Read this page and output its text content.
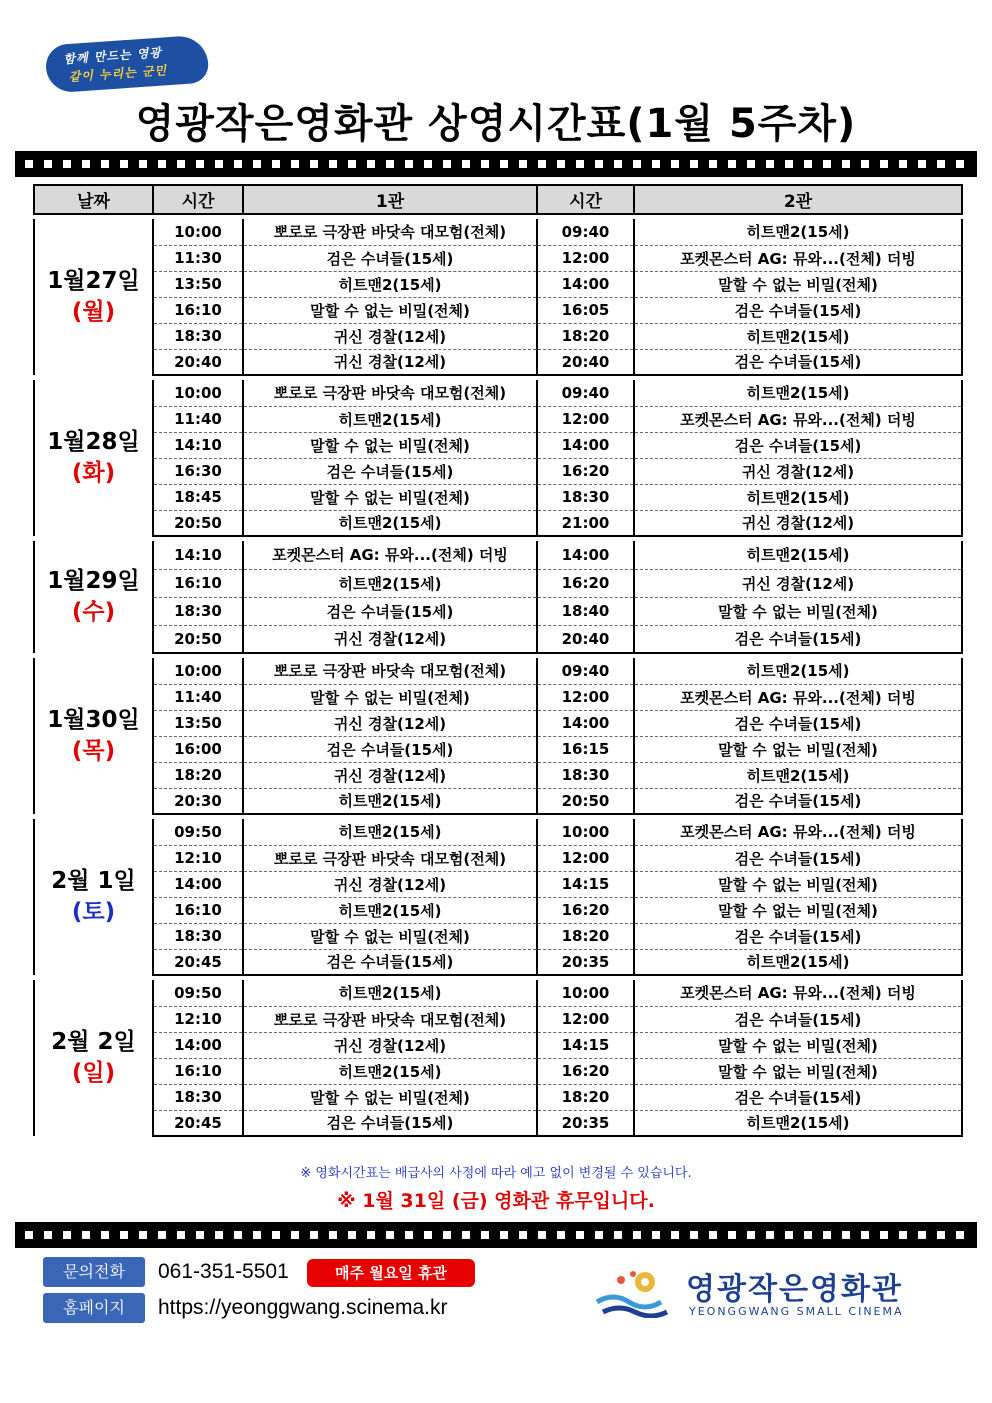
함께 만드는 영광
같이 누리는 군민
영광작은영화관 상영시간표(1월 5주차)
날짜	시간	1관	시간	2관
1월27일
(월)	10:00	뽀로로 극장판 바닷속 대모험(전체)	09:40	히트맨2(15세)
	11:30	검은 수녀들(15세)	12:00	포켓몬스터 AG: 뮤와...(전체) 더빙
	13:50	히트맨2(15세)	14:00	말할 수 없는 비밀(전체)
	16:10	말할 수 없는 비밀(전체)	16:05	검은 수녀들(15세)
	18:30	귀신 경찰(12세)	18:20	히트맨2(15세)
	20:40	귀신 경찰(12세)	20:40	검은 수녀들(15세)
1월28일
(화)	10:00	뽀로로 극장판 바닷속 대모험(전체)	09:40	히트맨2(15세)
	11:40	히트맨2(15세)	12:00	포켓몬스터 AG: 뮤와...(전체) 더빙
	14:10	말할 수 없는 비밀(전체)	14:00	검은 수녀들(15세)
	16:30	검은 수녀들(15세)	16:20	귀신 경찰(12세)
	18:45	말할 수 없는 비밀(전체)	18:30	히트맨2(15세)
	20:50	히트맨2(15세)	21:00	귀신 경찰(12세)
1월29일
(수)	14:10	포켓몬스터 AG: 뮤와...(전체) 더빙	14:00	히트맨2(15세)
	16:10	히트맨2(15세)	16:20	귀신 경찰(12세)
	18:30	검은 수녀들(15세)	18:40	말할 수 없는 비밀(전체)
	20:50	귀신 경찰(12세)	20:40	검은 수녀들(15세)
1월30일
(목)	10:00	뽀로로 극장판 바닷속 대모험(전체)	09:40	히트맨2(15세)
	11:40	말할 수 없는 비밀(전체)	12:00	포켓몬스터 AG: 뮤와...(전체) 더빙
	13:50	귀신 경찰(12세)	14:00	검은 수녀들(15세)
	16:00	검은 수녀들(15세)	16:15	말할 수 없는 비밀(전체)
	18:20	귀신 경찰(12세)	18:30	히트맨2(15세)
	20:30	히트맨2(15세)	20:50	검은 수녀들(15세)
2월 1일
(토)	09:50	히트맨2(15세)	10:00	포켓몬스터 AG: 뮤와...(전체) 더빙
	12:10	뽀로로 극장판 바닷속 대모험(전체)	12:00	검은 수녀들(15세)
	14:00	귀신 경찰(12세)	14:15	말할 수 없는 비밀(전체)
	16:10	히트맨2(15세)	16:20	말할 수 없는 비밀(전체)
	18:30	말할 수 없는 비밀(전체)	18:20	검은 수녀들(15세)
	20:45	검은 수녀들(15세)	20:35	히트맨2(15세)
2월 2일
(일)	09:50	히트맨2(15세)	10:00	포켓몬스터 AG: 뮤와...(전체) 더빙
	12:10	뽀로로 극장판 바닷속 대모험(전체)	12:00	검은 수녀들(15세)
	14:00	귀신 경찰(12세)	14:15	말할 수 없는 비밀(전체)
	16:10	히트맨2(15세)	16:20	말할 수 없는 비밀(전체)
	18:30	말할 수 없는 비밀(전체)	18:20	검은 수녀들(15세)
	20:45	검은 수녀들(15세)	20:35	히트맨2(15세)
※ 영화시간표는 배급사의 사정에 따라 예고 없이 변경될 수 있습니다.
※ 1월 31일 (금) 영화관 휴무입니다.
문의전화	061-351-5501	매주 월요일 휴관
홈페이지	https://yeonggwang.scinema.kr
영광작은영화관
YEONGGWANG SMALL CINEMA
